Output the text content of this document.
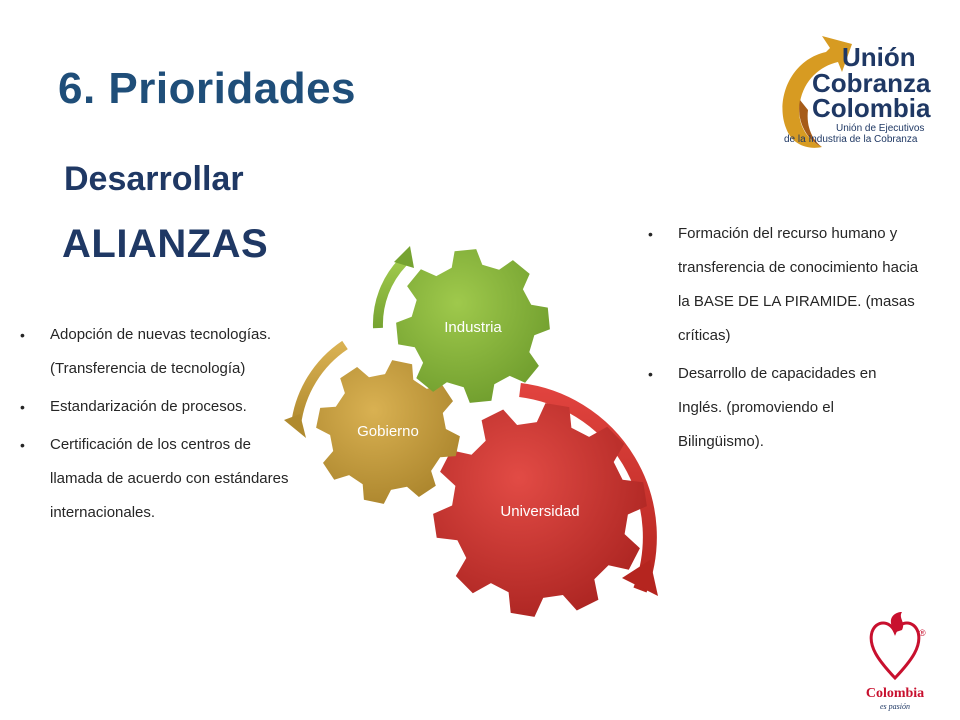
6. Prioridades
Desarrollar
ALIANZAS
• Adopción de nuevas tecnologías. (Transferencia de tecnología)
• Estandarización de procesos.
• Certificación de los centros de llamada de acuerdo con estándares internacionales.
• Formación del recurso humano y transferencia de conocimiento hacia la BASE DE LA PIRAMIDE. (masas críticas)
• Desarrollo de capacidades en Inglés. (promoviendo el Bilingüismo).
Universidad
Gobierno
Industria
Unión
Cobranza
Colombia
Unión de Ejecutivos
de la Industria de la Cobranza
®
Colombia
es pasión
